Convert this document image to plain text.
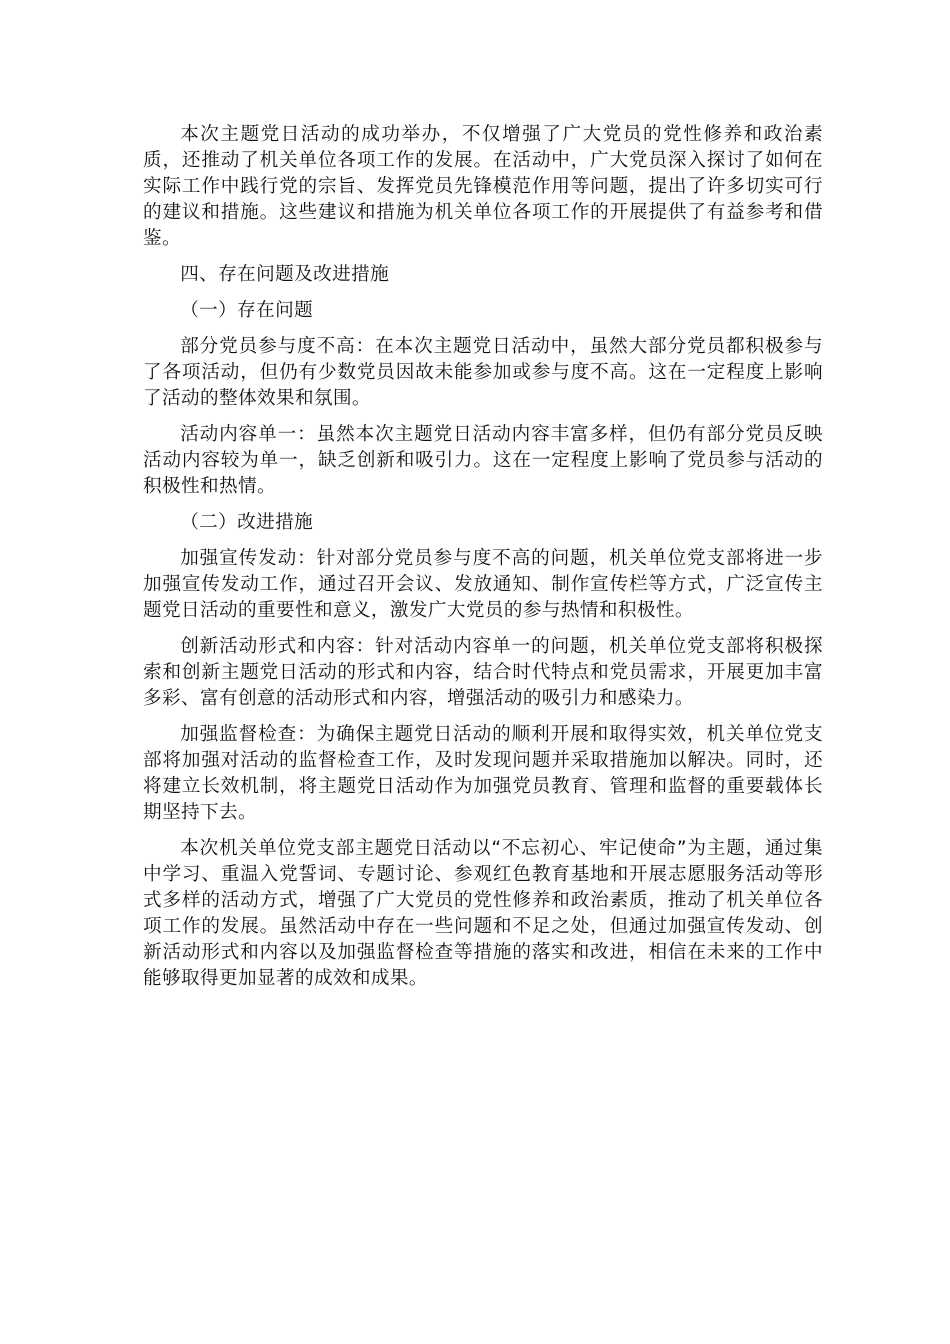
本次主题党日活动的成功举办，不仅增强了广大党员的党性修养和政治素质，还推动了机关单位各项工作的发展。在活动中，广大党员深入探讨了如何在实际工作中践行党的宗旨、发挥党员先锋模范作用等问题，提出了许多切实可行的建议和措施。这些建议和措施为机关单位各项工作的开展提供了有益参考和借鉴。

四、存在问题及改进措施

（一）存在问题

部分党员参与度不高：在本次主题党日活动中，虽然大部分党员都积极参与了各项活动，但仍有少数党员因故未能参加或参与度不高。这在一定程度上影响了活动的整体效果和氛围。

活动内容单一：虽然本次主题党日活动内容丰富多样，但仍有部分党员反映活动内容较为单一，缺乏创新和吸引力。这在一定程度上影响了党员参与活动的积极性和热情。

（二）改进措施

加强宣传发动：针对部分党员参与度不高的问题，机关单位党支部将进一步加强宣传发动工作，通过召开会议、发放通知、制作宣传栏等方式，广泛宣传主题党日活动的重要性和意义，激发广大党员的参与热情和积极性。

创新活动形式和内容：针对活动内容单一的问题，机关单位党支部将积极探索和创新主题党日活动的形式和内容，结合时代特点和党员需求，开展更加丰富多彩、富有创意的活动形式和内容，增强活动的吸引力和感染力。

加强监督检查：为确保主题党日活动的顺利开展和取得实效，机关单位党支部将加强对活动的监督检查工作，及时发现问题并采取措施加以解决。同时，还将建立长效机制，将主题党日活动作为加强党员教育、管理和监督的重要载体长期坚持下去。

本次机关单位党支部主题党日活动以“不忘初心、牢记使命”为主题，通过集中学习、重温入党誓词、专题讨论、参观红色教育基地和开展志愿服务活动等形式多样的活动方式，增强了广大党员的党性修养和政治素质，推动了机关单位各项工作的发展。虽然活动中存在一些问题和不足之处，但通过加强宣传发动、创新活动形式和内容以及加强监督检查等措施的落实和改进，相信在未来的工作中能够取得更加显著的成效和成果。
